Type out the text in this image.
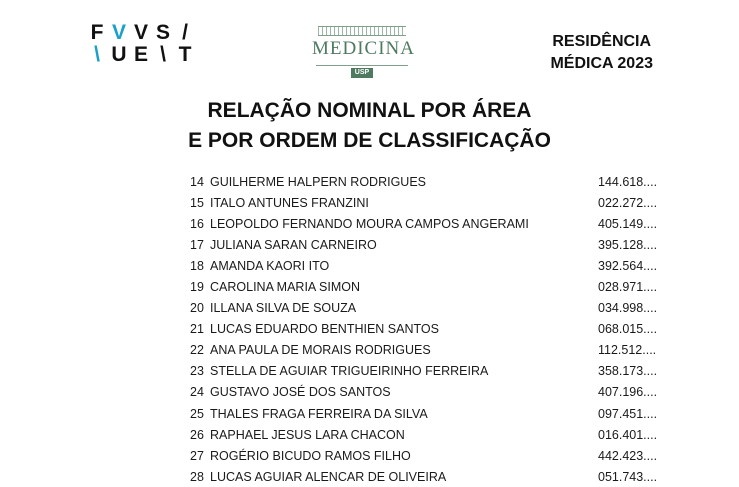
F V V S /
\ U E \ T	MEDICINA
USP
RESIDÊNCIA
MÉDICA 2023
RELAÇÃO NOMINAL POR ÁREA
E POR ORDEM DE CLASSIFICAÇÃO
14 GUILHERME HALPERN RODRIGUES	144.618....
15 ITALO ANTUNES FRANZINI	022.272....
16 LEOPOLDO FERNANDO MOURA CAMPOS ANGERAMI	405.149....
17 JULIANA SARAN CARNEIRO	395.128....
18 AMANDA KAORI ITO	392.564....
19 CAROLINA MARIA SIMON	028.971....
20 ILLANA SILVA DE SOUZA	034.998....
21 LUCAS EDUARDO BENTHIEN SANTOS	068.015....
22 ANA PAULA DE MORAIS RODRIGUES	112.512....
23 STELLA DE AGUIAR TRIGUEIRINHO FERREIRA	358.173....
24 GUSTAVO JOSÉ DOS SANTOS	407.196....
25 THALES FRAGA FERREIRA DA SILVA	097.451....
26 RAPHAEL JESUS LARA CHACON	016.401....
27 ROGÉRIO BICUDO RAMOS FILHO	442.423....
28 LUCAS AGUIAR ALENCAR DE OLIVEIRA	051.743....
